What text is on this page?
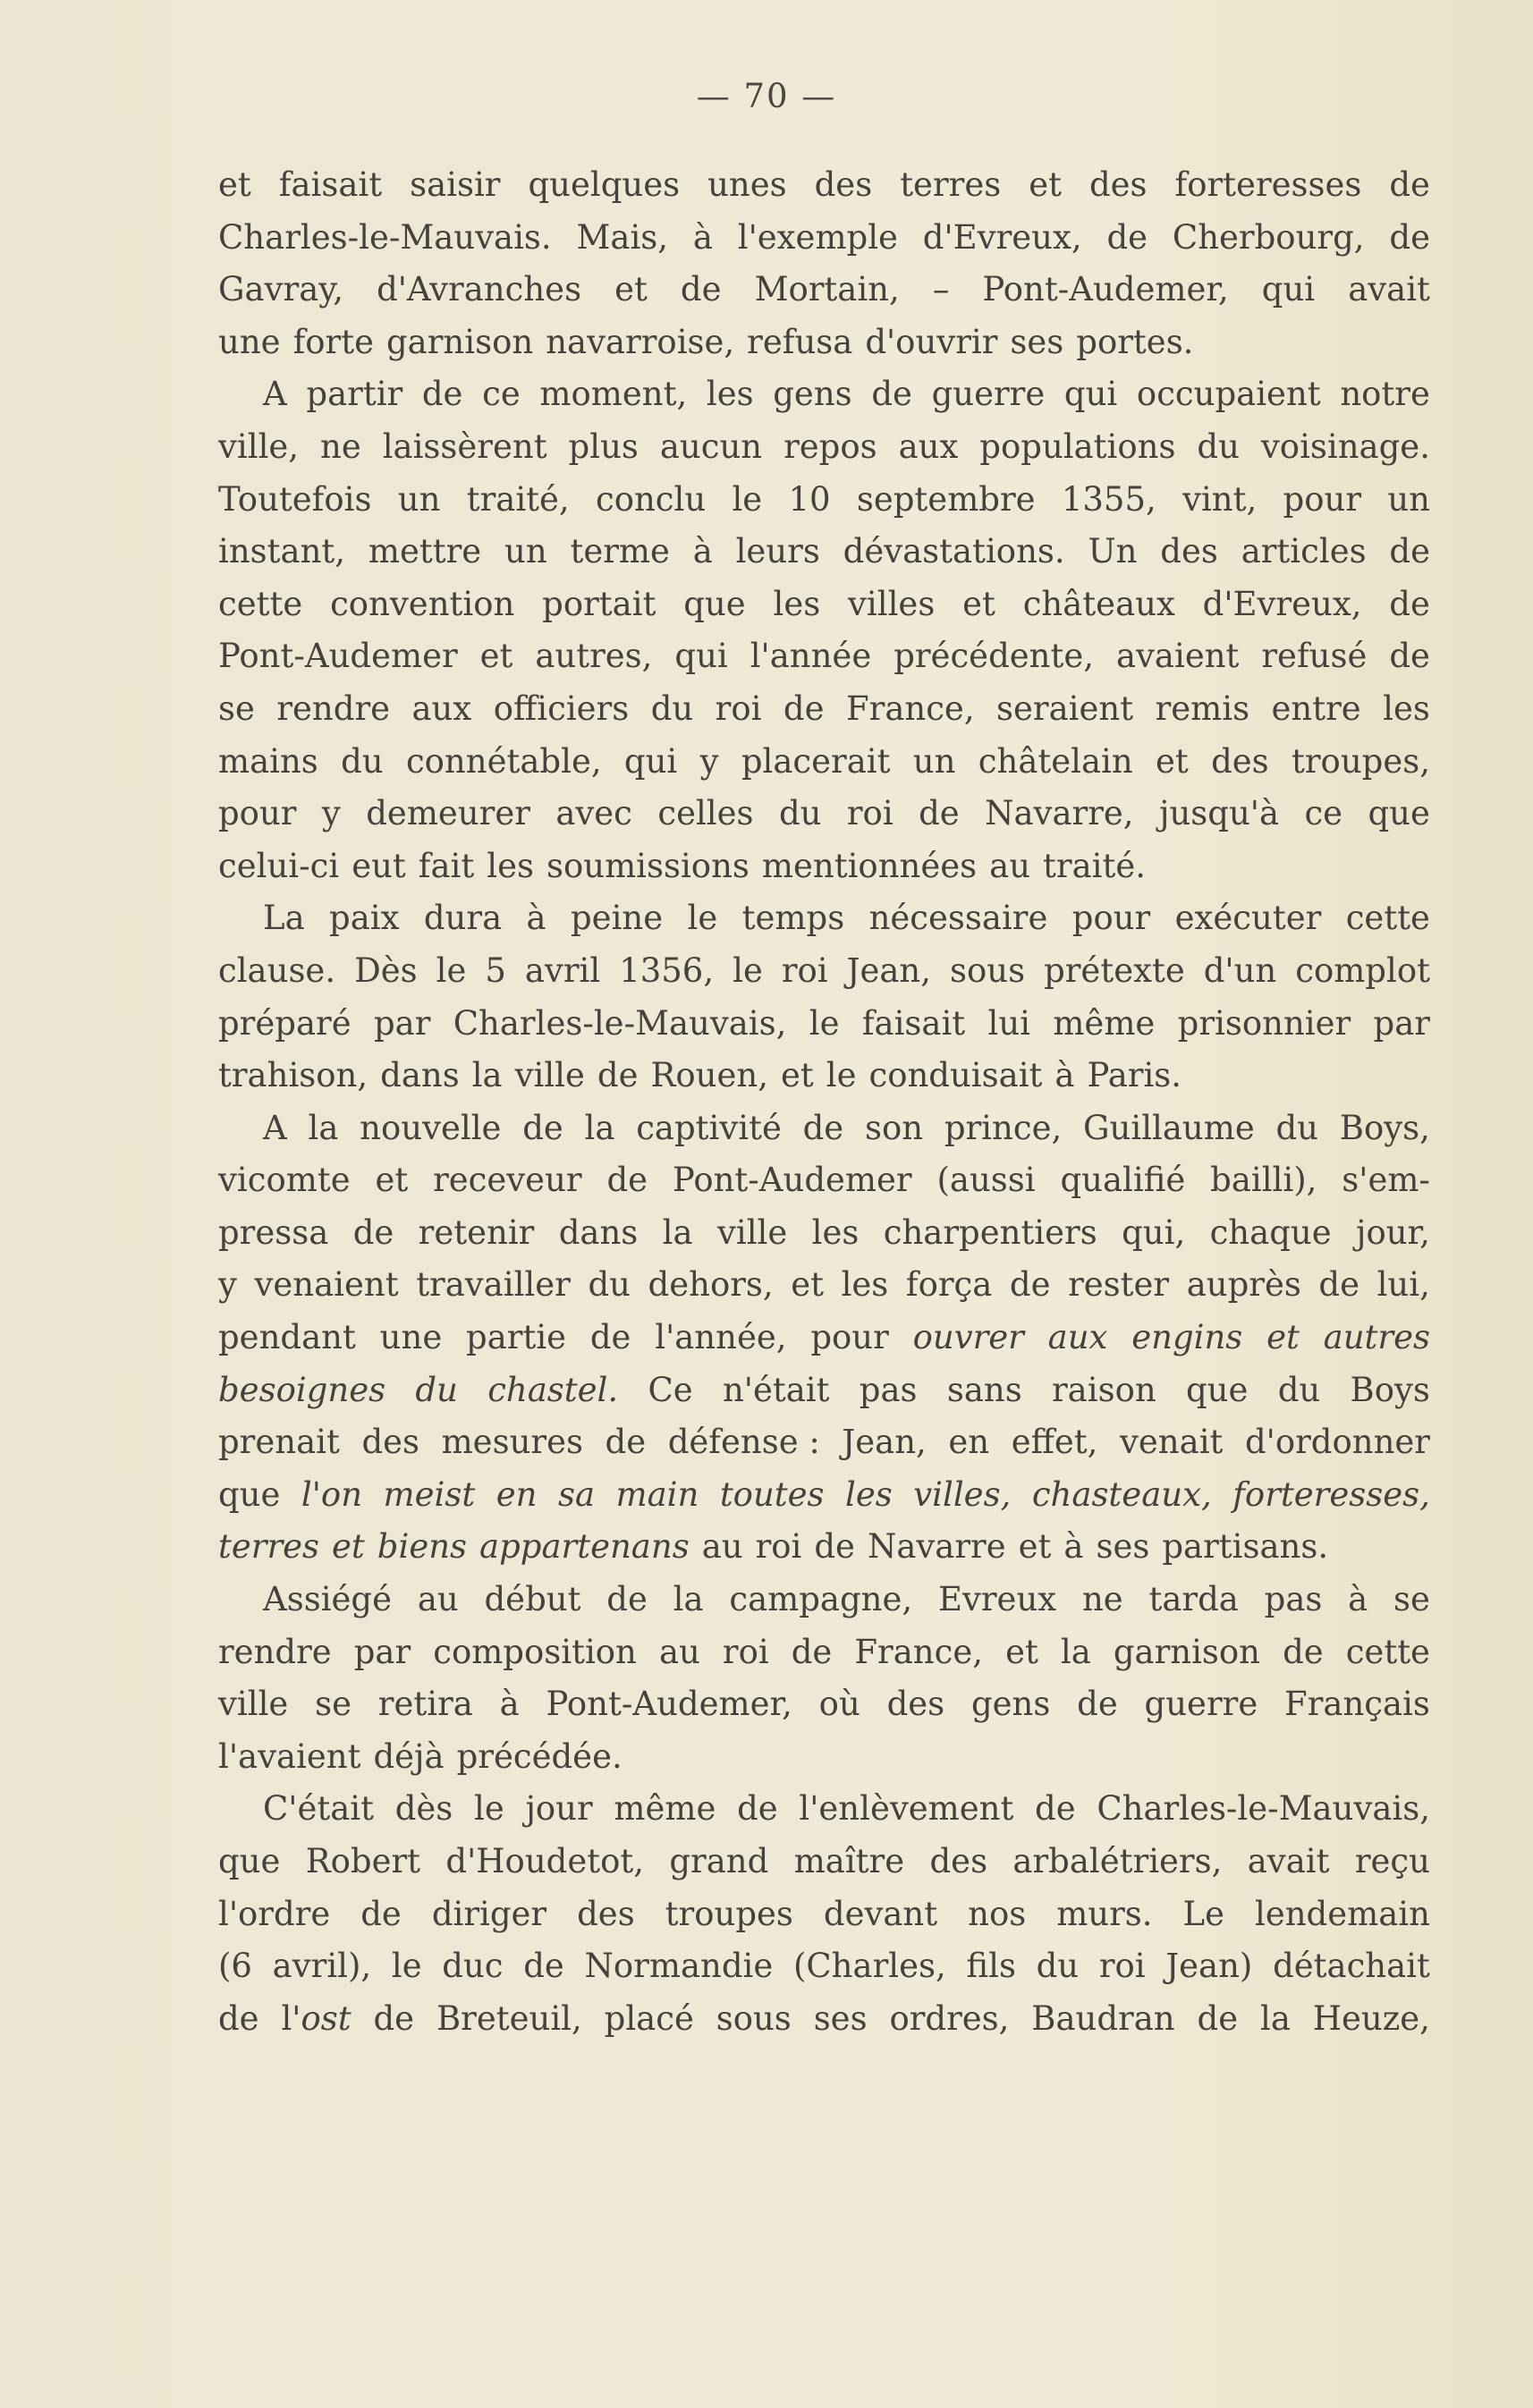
— 70 —
et faisait saisir quelques unes des terres et des forteresses de
Charles-le-Mauvais. Mais, à l'exemple d'Evreux, de Cherbourg, de
Gavray, d'Avranches et de Mortain, – Pont-Audemer, qui avait
une forte garnison navarroise, refusa d'ouvrir ses portes.
A partir de ce moment, les gens de guerre qui occupaient notre
ville, ne laissèrent plus aucun repos aux populations du voisinage.
Toutefois un traité, conclu le 10 septembre 1355, vint, pour un
instant, mettre un terme à leurs dévastations. Un des articles de
cette convention portait que les villes et châteaux d'Evreux, de
Pont-Audemer et autres, qui l'année précédente, avaient refusé de
se rendre aux officiers du roi de France, seraient remis entre les
mains du connétable, qui y placerait un châtelain et des troupes,
pour y demeurer avec celles du roi de Navarre, jusqu'à ce que
celui-ci eut fait les soumissions mentionnées au traité.
La paix dura à peine le temps nécessaire pour exécuter cette
clause. Dès le 5 avril 1356, le roi Jean, sous prétexte d'un complot
préparé par Charles-le-Mauvais, le faisait lui même prisonnier par
trahison, dans la ville de Rouen, et le conduisait à Paris.
A la nouvelle de la captivité de son prince, Guillaume du Boys,
vicomte et receveur de Pont-Audemer (aussi qualifié bailli), s'em-
pressa de retenir dans la ville les charpentiers qui, chaque jour,
y venaient travailler du dehors, et les força de rester auprès de lui,
pendant une partie de l'année, pour ouvrer aux engins et autres
besoignes du chastel. Ce n'était pas sans raison que du Boys
prenait des mesures de défense : Jean, en effet, venait d'ordonner
que l'on meist en sa main toutes les villes, chasteaux, forteresses,
terres et biens appartenans au roi de Navarre et à ses partisans.
Assiégé au début de la campagne, Evreux ne tarda pas à se
rendre par composition au roi de France, et la garnison de cette
ville se retira à Pont-Audemer, où des gens de guerre Français
l'avaient déjà précédée.
C'était dès le jour même de l'enlèvement de Charles-le-Mauvais,
que Robert d'Houdetot, grand maître des arbalétriers, avait reçu
l'ordre de diriger des troupes devant nos murs. Le lendemain
(6 avril), le duc de Normandie (Charles, fils du roi Jean) détachait
de l'ost de Breteuil, placé sous ses ordres, Baudran de la Heuze,
